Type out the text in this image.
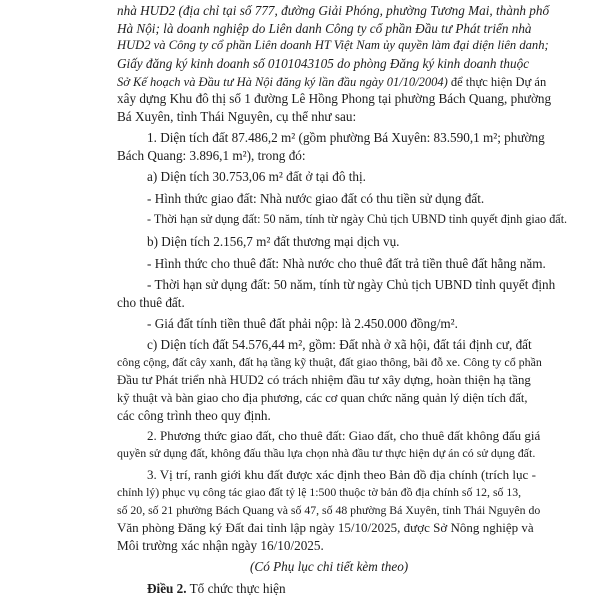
nhà HUD2 (địa chỉ tại số 777, đường Giải Phóng, phường Tương Mai, thành phố
Hà Nội; là doanh nghiệp do Liên danh Công ty cổ phần Đầu tư Phát triển nhà
HUD2 và Công ty cổ phần Liên doanh HT Việt Nam ủy quyền làm đại diện liên danh;
Giấy đăng ký kinh doanh số 0101043105 do phòng Đăng ký kinh doanh thuộc
Sở Kế hoạch và Đầu tư Hà Nội đăng ký lần đầu ngày 01/10/2004) để thực hiện Dự án
xây dựng Khu đô thị số 1 đường Lê Hồng Phong tại phường Bách Quang, phường
Bá Xuyên, tỉnh Thái Nguyên, cụ thể như sau:
1. Diện tích đất 87.486,2 m² (gồm phường Bá Xuyên: 83.590,1 m²; phường
Bách Quang: 3.896,1 m²), trong đó:
a) Diện tích 30.753,06 m² đất ở tại đô thị.
- Hình thức giao đất: Nhà nước giao đất có thu tiền sử dụng đất.
- Thời hạn sử dụng đất: 50 năm, tính từ ngày Chủ tịch UBND tỉnh quyết định giao đất.
b) Diện tích 2.156,7 m² đất thương mại dịch vụ.
- Hình thức cho thuê đất: Nhà nước cho thuê đất trả tiền thuê đất hằng năm.
- Thời hạn sử dụng đất: 50 năm, tính từ ngày Chủ tịch UBND tỉnh quyết định
cho thuê đất.
- Giá đất tính tiền thuê đất phải nộp: là 2.450.000 đồng/m².
c) Diện tích đất 54.576,44 m², gồm: Đất nhà ở xã hội, đất tái định cư, đất
công cộng, đất cây xanh, đất hạ tầng kỹ thuật, đất giao thông, bãi đỗ xe. Công ty cổ phần
Đầu tư Phát triển nhà HUD2 có trách nhiệm đầu tư xây dựng, hoàn thiện hạ tầng
kỹ thuật và bàn giao cho địa phương, các cơ quan chức năng quản lý diện tích đất,
các công trình theo quy định.
2. Phương thức giao đất, cho thuê đất: Giao đất, cho thuê đất không đấu giá
quyền sử dụng đất, không đấu thầu lựa chọn nhà đầu tư thực hiện dự án có sử dụng đất.
3. Vị trí, ranh giới khu đất được xác định theo Bản đồ địa chính (trích lục -
chỉnh lý) phục vụ công tác giao đất tỷ lệ 1:500 thuộc tờ bản đồ địa chính số 12, số 13,
số 20, số 21 phường Bách Quang và số 47, số 48 phường Bá Xuyên, tỉnh Thái Nguyên do
Văn phòng Đăng ký Đất đai tỉnh lập ngày 15/10/2025, được Sở Nông nghiệp và
Môi trường xác nhận ngày 16/10/2025.
(Có Phụ lục chi tiết kèm theo)
Điều 2. Tổ chức thực hiện
